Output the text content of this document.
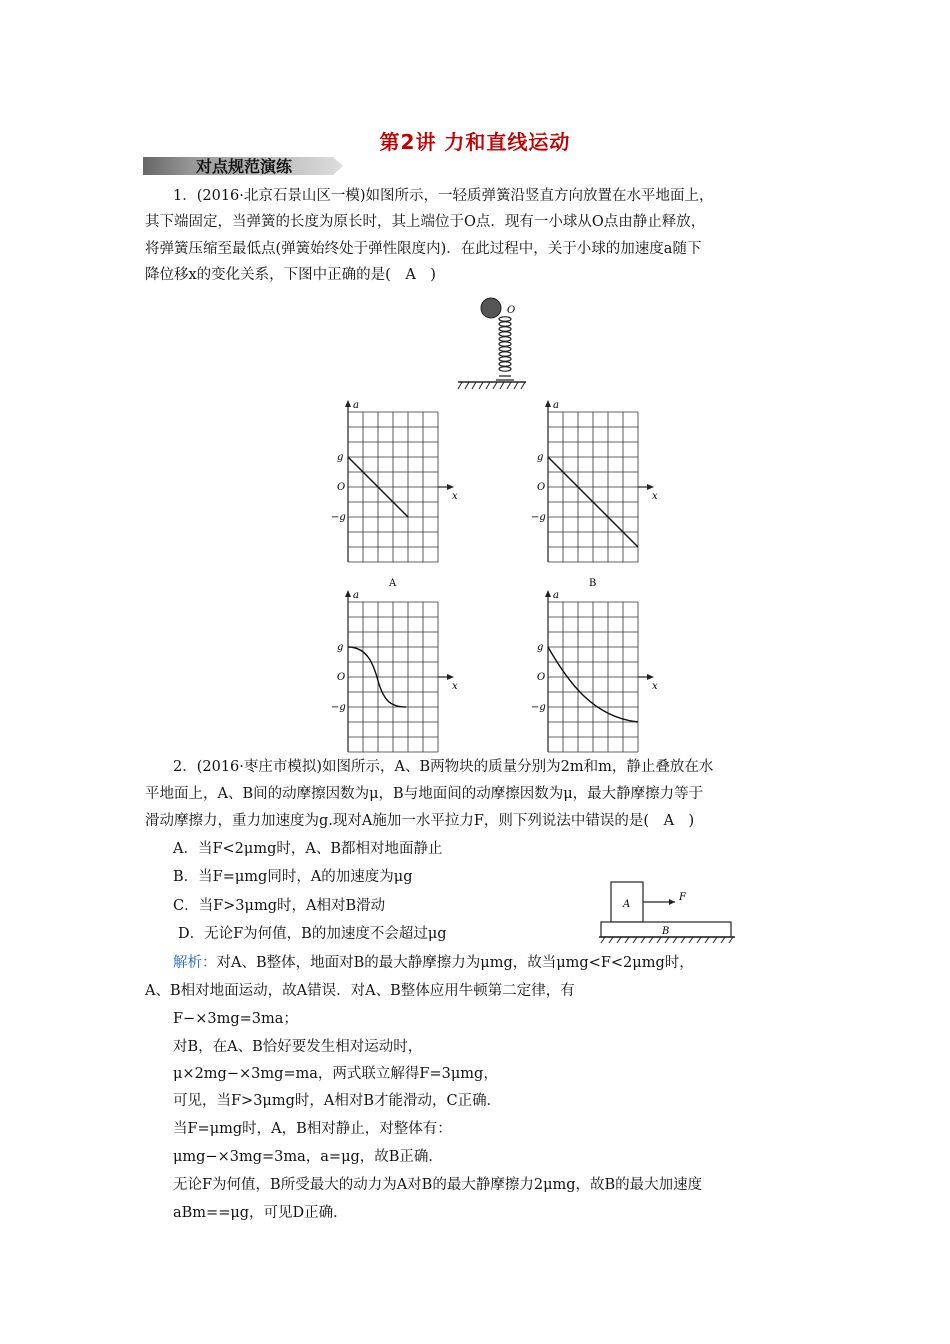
第2讲 力和直线运动
对点规范演练
1．(2016·北京石景山区一模)如图所示，一轻质弹簧沿竖直方向放置在水平地面上，
其下端固定，当弹簧的长度为原长时，其上端位于O点．现有一小球从O点由静止释放，
将弹簧压缩至最低点(弹簧始终处于弹性限度内)．在此过程中，关于小球的加速度a随下
降位移x的变化关系，下图中正确的是(　A　)
O
a
x
g
O
−g
A
a
x
g
O
−g
B
a
x
g
O
−g
a
x
g
O
−g
2．(2016·枣庄市模拟)如图所示，A、B两物块的质量分别为2m和m，静止叠放在水
平地面上，A、B间的动摩擦因数为μ，B与地面间的动摩擦因数为μ，最大静摩擦力等于
滑动摩擦力，重力加速度为g.现对A施加一水平拉力F，则下列说法中错误的是(　A　)
A．当F<2μmg时，A、B都相对地面静止
B．当F=μmg同时，A的加速度为μg
C．当F>3μmg时，A相对B滑动
D．无论F为何值，B的加速度不会超过μg
A
F
B
解析：对A、B整体，地面对B的最大静摩擦力为μmg，故当μmg<F<2μmg时，
A、B相对地面运动，故A错误．对A、B整体应用牛顿第二定律，有
F−×3mg=3ma；
对B，在A、B恰好要发生相对运动时，
μ×2mg−×3mg=ma，两式联立解得F=3μmg，
可见，当F>3μmg时，A相对B才能滑动，C正确．
当F=μmg时，A，B相对静止，对整体有：
μmg−×3mg=3ma，a=μg，故B正确．
无论F为何值，B所受最大的动力为A对B的最大静摩擦力2μmg，故B的最大加速度
aBm==μg，可见D正确．
